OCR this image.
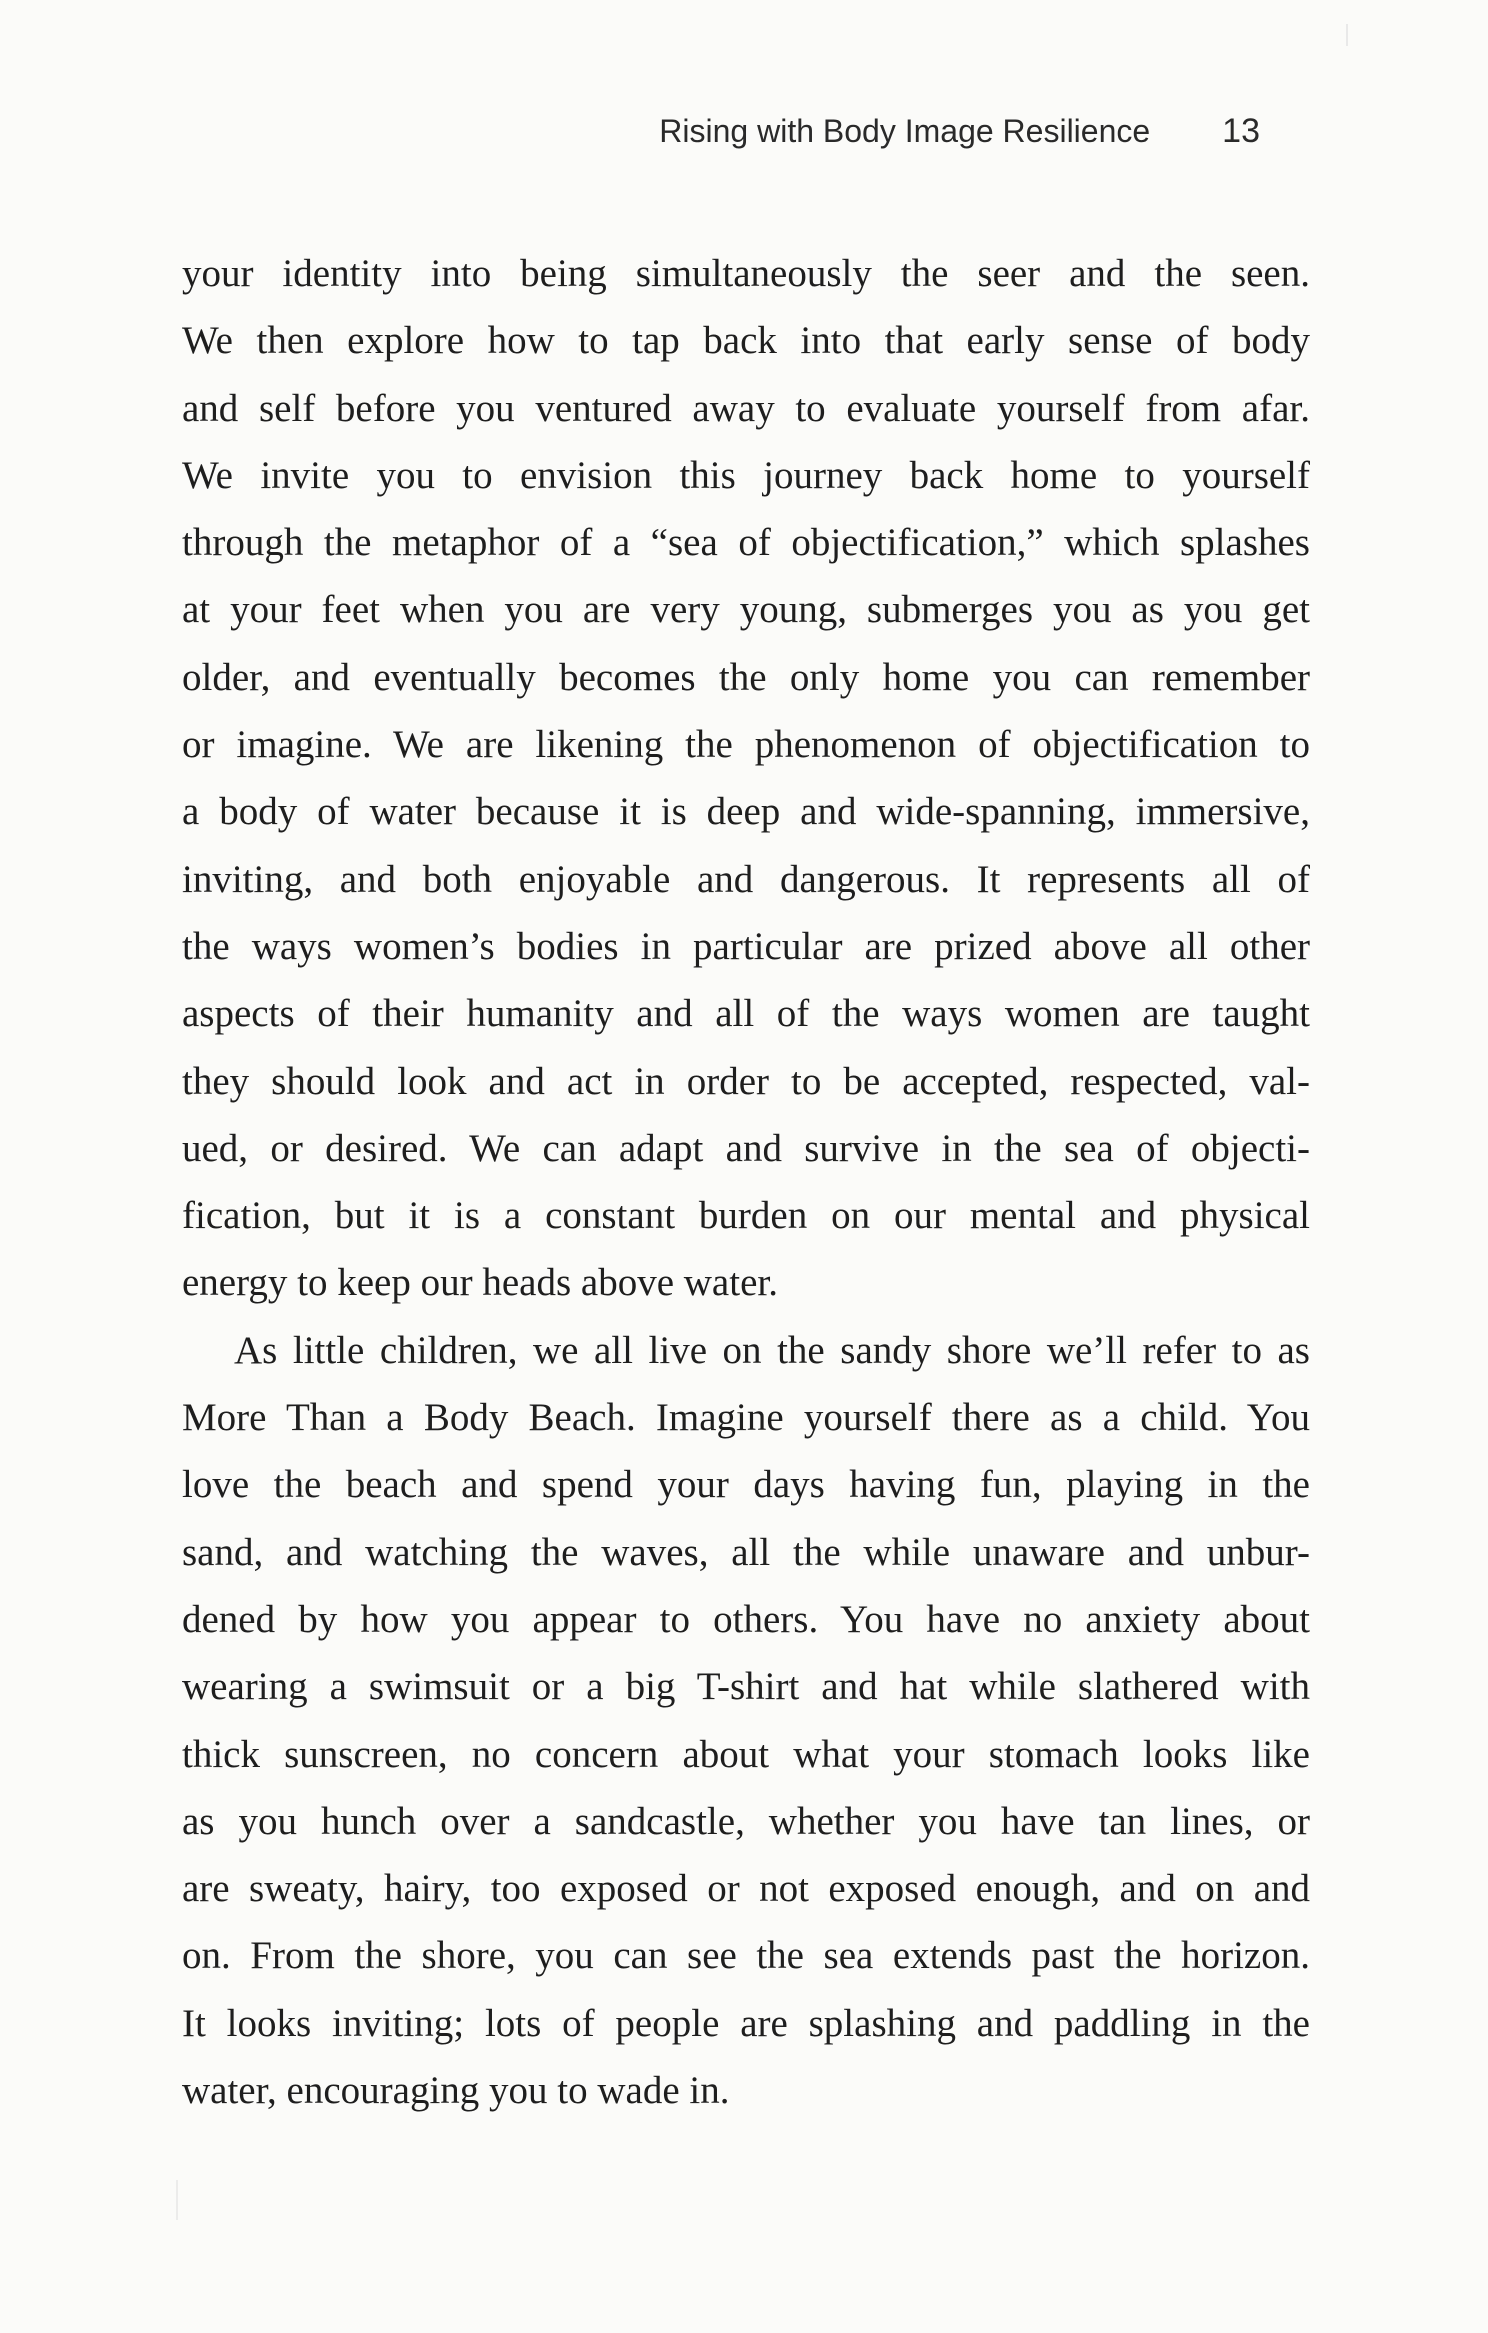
Rising with Body Image Resilience 13
your identity into being simultaneously the seer and the seen.
We then explore how to tap back into that early sense of body
and self before you ventured away to evaluate yourself from afar.
We invite you to envision this journey back home to yourself
through the metaphor of a “sea of objectification,” which splashes
at your feet when you are very young, submerges you as you get
older, and eventually becomes the only home you can remember
or imagine. We are likening the phenomenon of objectification to
a body of water because it is deep and wide-spanning, immersive,
inviting, and both enjoyable and dangerous. It represents all of
the ways women’s bodies in particular are prized above all other
aspects of their humanity and all of the ways women are taught
they should look and act in order to be accepted, respected, val-
ued, or desired. We can adapt and survive in the sea of objecti-
fication, but it is a constant burden on our mental and physical
energy to keep our heads above water.
As little children, we all live on the sandy shore we’ll refer to as
More Than a Body Beach. Imagine yourself there as a child. You
love the beach and spend your days having fun, playing in the
sand, and watching the waves, all the while unaware and unbur-
dened by how you appear to others. You have no anxiety about
wearing a swimsuit or a big T-shirt and hat while slathered with
thick sunscreen, no concern about what your stomach looks like
as you hunch over a sandcastle, whether you have tan lines, or
are sweaty, hairy, too exposed or not exposed enough, and on and
on. From the shore, you can see the sea extends past the horizon.
It looks inviting; lots of people are splashing and paddling in the
water, encouraging you to wade in.
